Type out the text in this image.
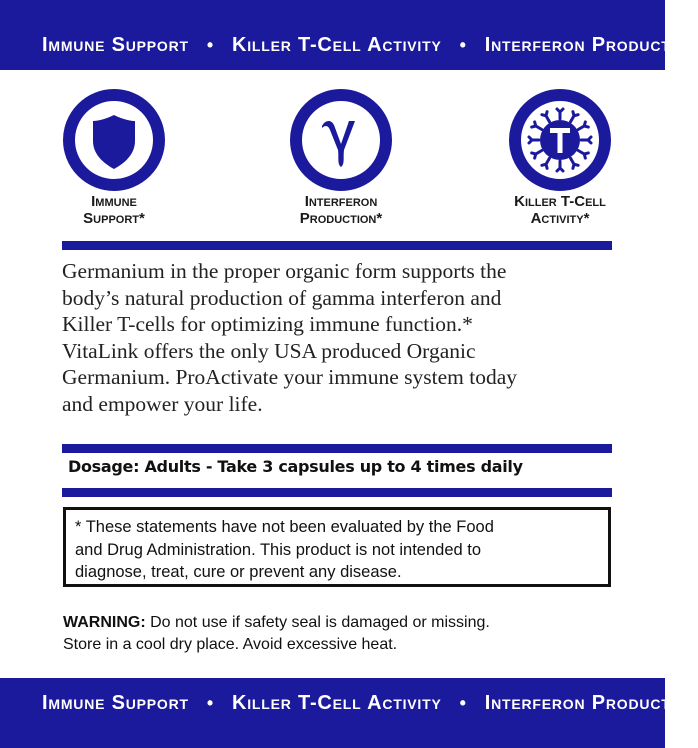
Immune Support • Killer T-Cell Activity • Interferon Production
Immune
Support*
Interferon
Production*
Killer T-Cell
Activity*
Germanium in the proper organic form supports the
body’s natural production of gamma interferon and
Killer T-cells for optimizing immune function.*
VitaLink offers the only USA produced Organic
Germanium. ProActivate your immune system today
and empower your life.
Dosage: Adults - Take 3 capsules up to 4 times daily
* These statements have not been evaluated by the Food
and Drug Administration. This product is not intended to
diagnose, treat, cure or prevent any disease.
WARNING: Do not use if safety seal is damaged or missing.
Store in a cool dry place. Avoid excessive heat.
Immune Support • Killer T-Cell Activity • Interferon Production
